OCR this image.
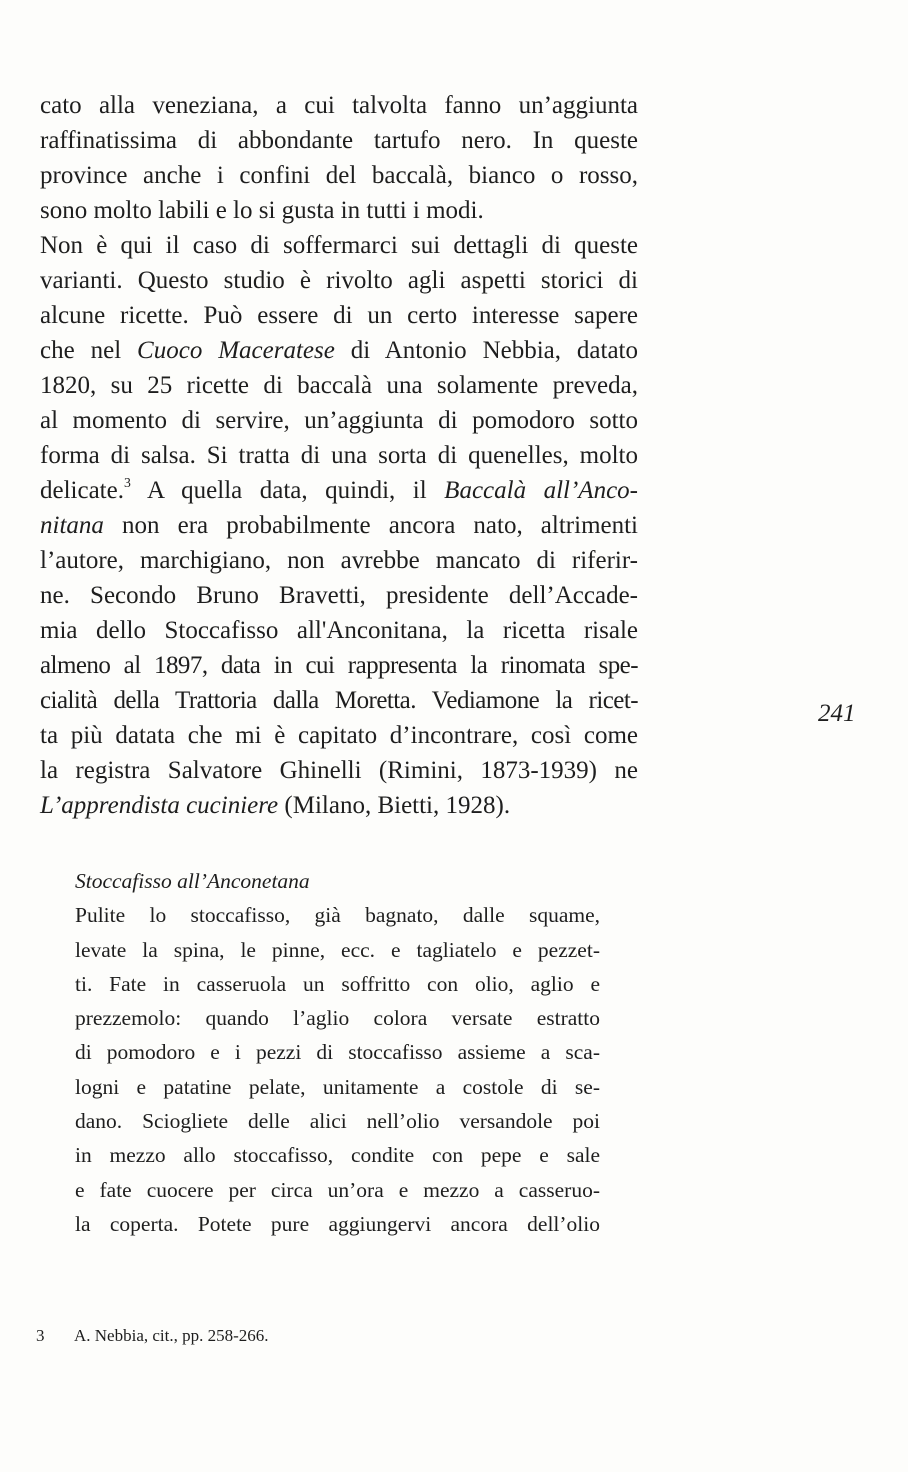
cato alla veneziana, a cui talvolta fanno un’aggiunta
raffinatissima di abbondante tartufo nero. In queste
province anche i confini del baccalà, bianco o rosso,
sono molto labili e lo si gusta in tutti i modi.
Non è qui il caso di soffermarci sui dettagli di queste
varianti. Questo studio è rivolto agli aspetti storici di
alcune ricette. Può essere di un certo interesse sapere
che nel Cuoco Maceratese di Antonio Nebbia, datato
1820, su 25 ricette di baccalà una solamente preveda,
al momento di servire, un’aggiunta di pomodoro sotto
forma di salsa. Si tratta di una sorta di quenelles, molto
delicate.$^3$ A quella data, quindi, il Baccalà all’Anco-
nitana non era probabilmente ancora nato, altrimenti
l’autore, marchigiano, non avrebbe mancato di riferir-
ne. Secondo Bruno Bravetti, presidente dell’Accade-
mia dello Stoccafisso all'Anconitana, la ricetta risale
almeno al 1897, data in cui rappresenta la rinomata spe-
cialità della Trattoria dalla Moretta. Vediamone la ricet-
ta più datata che mi è capitato d’incontrare, così come
la registra Salvatore Ghinelli (Rimini, 1873-1939) ne
L’apprendista cuciniere (Milano, Bietti, 1928).
241
Stoccafisso all’Anconetana
Pulite lo stoccafisso, già bagnato, dalle squame,
levate la spina, le pinne, ecc. e tagliatelo e pezzet-
ti. Fate in casseruola un soffritto con olio, aglio e
prezzemolo: quando l’aglio colora versate estratto
di pomodoro e i pezzi di stoccafisso assieme a sca-
logni e patatine pelate, unitamente a costole di se-
dano. Sciogliete delle alici nell’olio versandole poi
in mezzo allo stoccafisso, condite con pepe e sale
e fate cuocere per circa un’ora e mezzo a casseruo-
la coperta. Potete pure aggiungervi ancora dell’olio
3 A. Nebbia, cit., pp. 258-266.
